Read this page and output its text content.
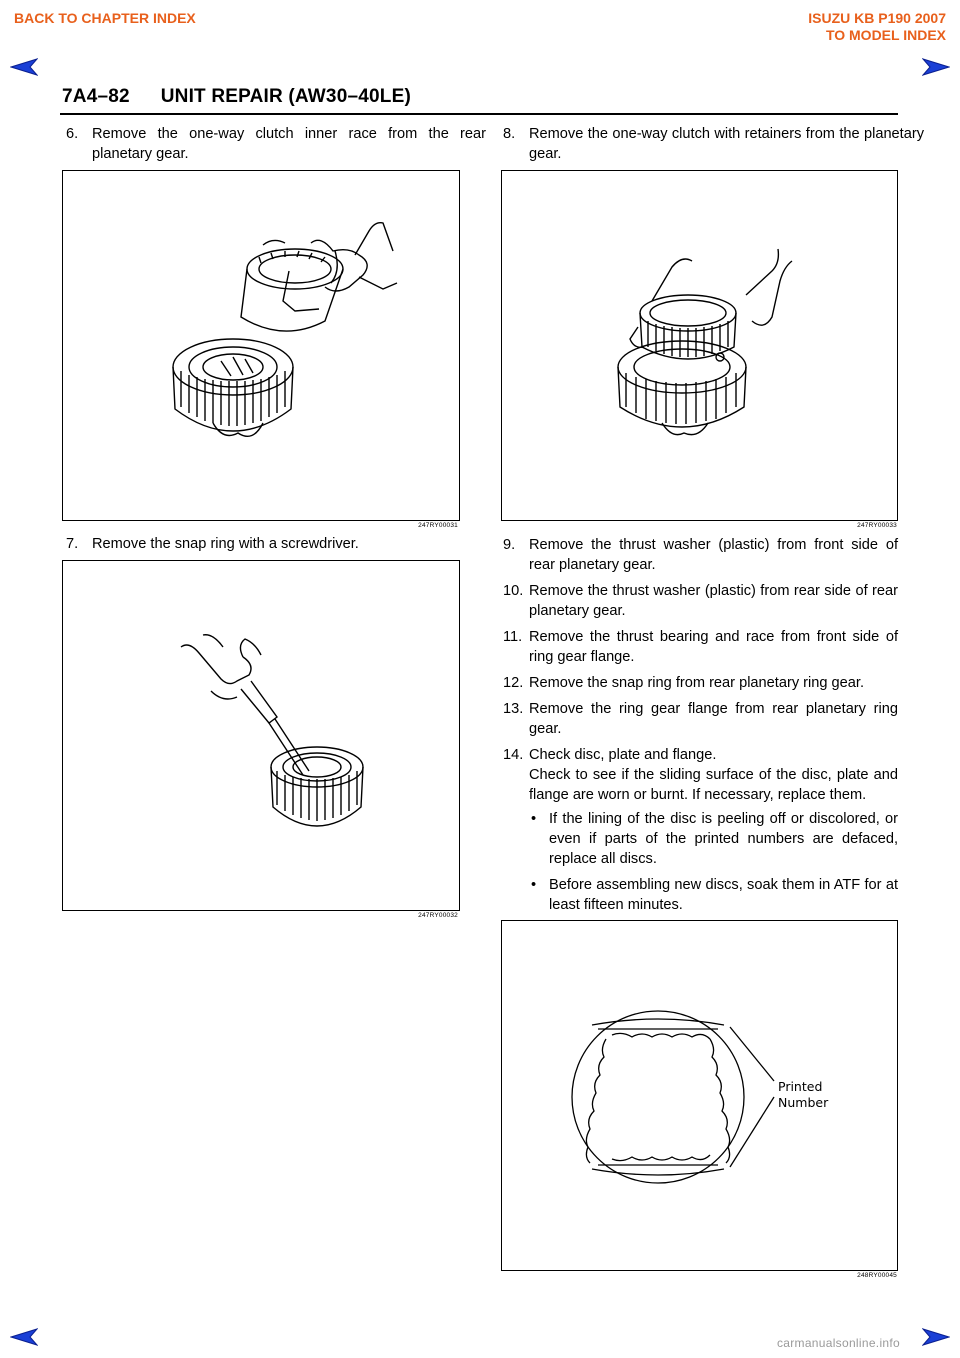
BACK TO CHAPTER INDEX	ISUZU KB P190 2007
TO MODEL INDEX
7A4–82 UNIT REPAIR (AW30–40LE)
6. Remove the one-way clutch inner race from the rear planetary gear.
247RY00031
7. Remove the snap ring with a screwdriver.
247RY00032
8. Remove the one-way clutch with retainers from the planetary gear.
247RY00033
9. Remove the thrust washer (plastic) from front side of rear planetary gear.
10. Remove the thrust washer (plastic) from rear side of rear planetary gear.
11. Remove the thrust bearing and race from front side of ring gear flange.
12. Remove the snap ring from rear planetary ring gear.
13. Remove the ring gear flange from rear planetary ring gear.
14. Check disc, plate and flange.
Check to see if the sliding surface of the disc, plate and flange are worn or burnt. If necessary, replace them.
• If the lining of the disc is peeling off or discolored, or even if parts of the printed numbers are defaced, replace all discs.
• Before assembling new discs, soak them in ATF for at least fifteen minutes.
Printed
Number
248RY00045
carmanualsonline.info
